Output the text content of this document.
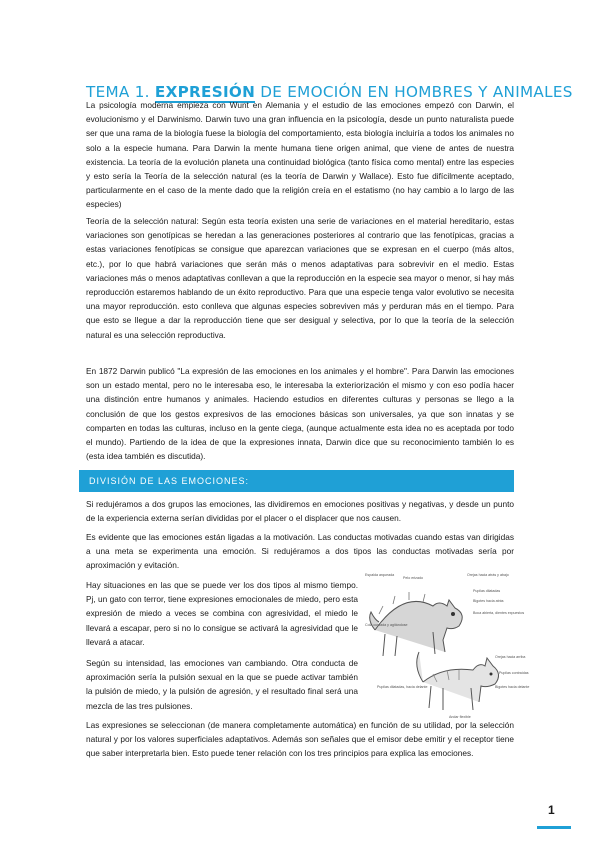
TEMA 1. EXPRESIÓN DE EMOCIÓN EN HOMBRES Y ANIMALES

La psicología moderna empieza con Wunt en Alemania y el estudio de las emociones empezó con Darwin, el evolucionismo y el Darwinismo. Darwin tuvo una gran influencia en la psicología, desde un punto naturalista puede ser que una rama de la biología fuese la biología del comportamiento, esta biología incluiría a todos los animales no solo a la especie humana. Para Darwin la mente humana tiene origen animal, que viene de antes de nuestra existencia. La teoría de la evolución planeta una continuidad biológica (tanto física como mental) entre las especies y esto sería la Teoría de la selección natural (es la teoría de Darwin y Wallace). Esto fue difícilmente aceptado, particularmente en el caso de la mente dado que la religión creía en el estatismo (no hay cambio a lo largo de las especies)

Teoría de la selección natural: Según esta teoría existen una serie de variaciones en el material hereditario, estas variaciones son genotípicas se heredan a las generaciones posteriores al contrario que las fenotípicas, gracias a estas variaciones fenotípicas se consigue que aparezcan variaciones que se expresan en el cuerpo (más altos, etc.), por lo que habrá variaciones que serán más o menos adaptativas para sobrevivir en el medio. Estas variaciones más o menos adaptativas conllevan a que la reproducción en la especie sea mayor o menor, si hay más reproducción estaremos hablando de un éxito reproductivo. Para que una especie tenga valor evolutivo se necesita una mayor reproducción. esto conlleva que algunas especies sobreviven más y perduran más en el tiempo. Para que esto se llegue a dar la reproducción tiene que ser desigual y selectiva, por lo que la teoría de la selección natural es una selección reproductiva.

En 1872 Darwin publicó "La expresión de las emociones en los animales y el hombre". Para Darwin las emociones son un estado mental, pero no le interesaba eso, le interesaba la exteriorización el mismo y con eso podía hacer una distinción entre humanos y animales. Haciendo estudios en diferentes culturas y personas se llego a la conclusión de que los gestos expresivos de las emociones básicas son universales, ya que son innatas y se comparten en todas las culturas, incluso en la gente ciega, (aunque actualmente esta idea no es aceptada por todo el mundo). Partiendo de la idea de que la expresiones innata, Darwin dice que su reconocimiento también lo es (esta idea también es discutida).

DIVISIÓN DE LAS EMOCIONES:

Si redujéramos a dos grupos las emociones, las dividiremos en emociones positivas y negativas, y desde un punto de la experiencia externa serían divididas por el placer o el displacer que nos causen.

Es evidente que las emociones están ligadas a la motivación. Las conductas motivadas cuando estas van dirigidas a una meta se experimenta una emoción. Si redujéramos a dos tipos las conductas motivadas sería por aproximación y evitación.

Hay situaciones en las que se puede ver los dos tipos al mismo tiempo. Pj, un gato con terror, tiene expresiones emocionales de miedo, pero esta expresión de miedo a veces se combina con agresividad, el miedo le llevará a escapar, pero si no lo consigue se activará la agresividad que le llevará a atacar.

Según su intensidad, las emociones van cambiando. Otra conducta de aproximación sería la pulsión sexual en la que se puede activar también la pulsión de miedo, y la pulsión de agresión, y el resultado final será una mezcla de las tres pulsiones.

Las expresiones se seleccionan (de manera completamente automática) en función de su utilidad, por la selección natural y por los valores superficiales adaptativos. Además son señales que el emisor debe emitir y el receptor tiene que saber interpretarla bien. Esto puede tener relación con los tres principios para explica las emociones.

Espalda arqueada
Pelo erizado
Orejas hacia atrás y abajo
Pupilas dilatadas
Bigotes hacia atrás
Boca abierta, dientes expuestos
Cola curvada y agitándose
Orejas hacia arriba
Pupilas contraídas
Bigotes hacia delante
Pupilas dilatadas, hacia delante
Andar flexible
1
